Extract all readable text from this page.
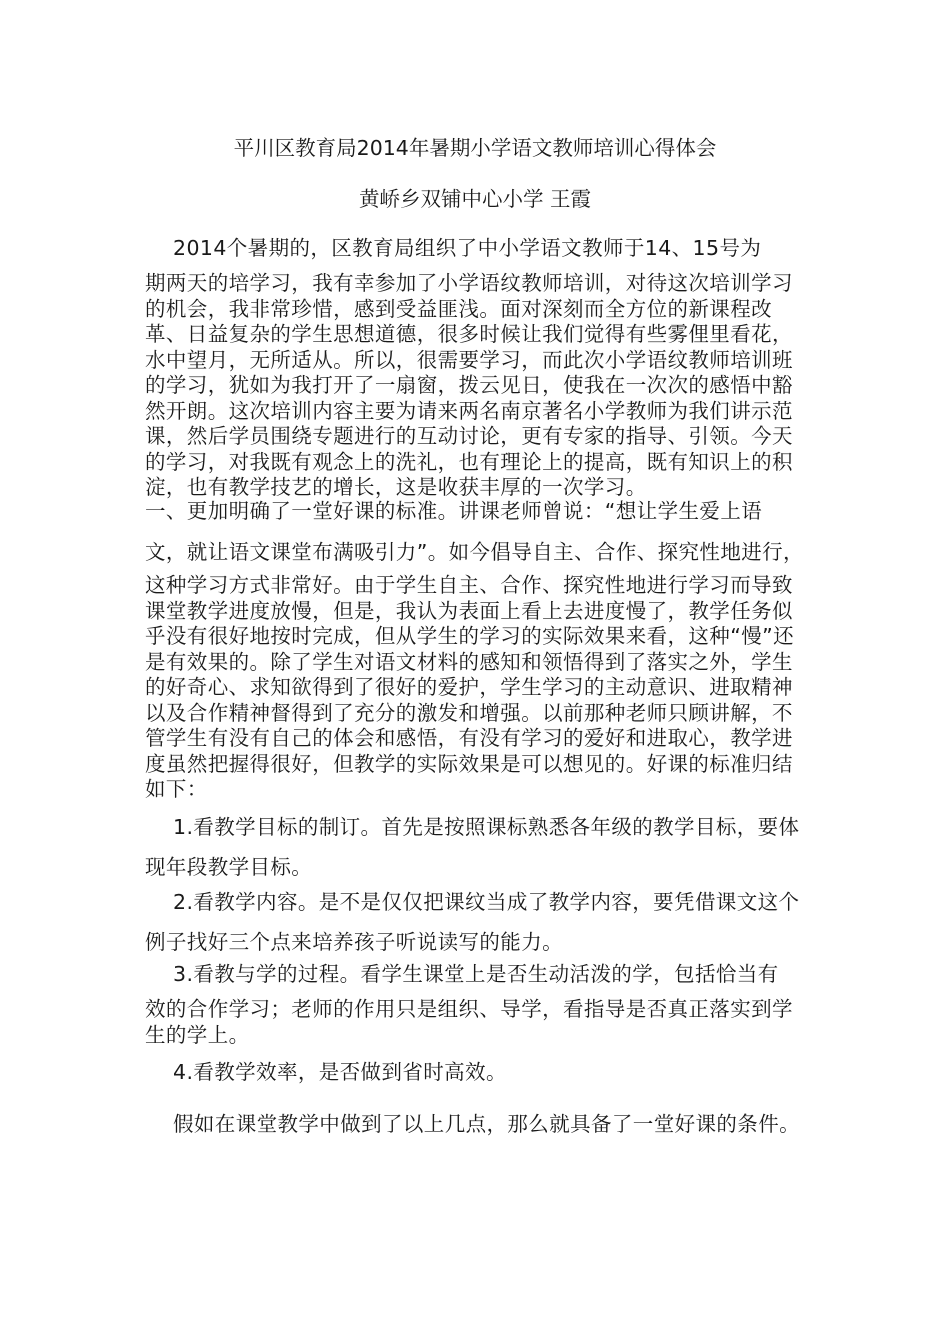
平川区教育局2014年暑期小学语文教师培训心得体会
黄峤乡双铺中心小学 王霞

2014个暑期的，区教育局组织了中小学语文教师于14、15号为

期两天的培学习，我有幸参加了小学语纹教师培训，对待这次培训学习的机会，我非常珍惜，感到受益匪浅。面对深刻而全方位的新课程改革、日益复杂的学生思想道德，很多时候让我们觉得有些雾俚里看花，水中望月，无所适从。所以，很需要学习，而此次小学语纹教师培训班的学习，犹如为我打开了一扇窗，拨云见日，使我在一次次的感悟中豁然开朗。这次培训内容主要为请来两名南京著名小学教师为我们讲示范课，然后学员围绕专题进行的互动讨论，更有专家的指导、引领。今天的学习，对我既有观念上的洗礼，也有理论上的提高，既有知识上的积淀，也有教学技艺的增长，这是收获丰厚的一次学习。

一、更加明确了一堂好课的标准。讲课老师曾说：“想让学生爱上语

文，就让语文课堂布满吸引力”。如今倡导自主、合作、探究性地进行，

这种学习方式非常好。由于学生自主、合作、探究性地进行学习而导致课堂教学进度放慢，但是，我认为表面上看上去进度慢了，教学任务似乎没有很好地按时完成，但从学生的学习的实际效果来看，这种“慢”还是有效果的。除了学生对语文材料的感知和领悟得到了落实之外，学生的好奇心、求知欲得到了很好的爱护，学生学习的主动意识、进取精神以及合作精神督得到了充分的激发和增强。以前那种老师只顾讲解，不管学生有没有自己的体会和感悟，有没有学习的爱好和进取心，教学进度虽然把握得很好，但教学的实际效果是可以想见的。好课的标准归结如下：

1.看教学目标的制订。首先是按照课标熟悉各年级的教学目标，要体现年段教学目标。

2.看教学内容。是不是仅仅把课纹当成了教学内容，要凭借课文这个例子找好三个点来培养孩子听说读写的能力。

3.看教与学的过程。看学生课堂上是否生动活泼的学，包括恰当有

效的合作学习；老师的作用只是组织、导学，看指导是否真正落实到学生的学上。

4.看教学效率，是否做到省时高效。

假如在课堂教学中做到了以上几点，那么就具备了一堂好课的条件。
